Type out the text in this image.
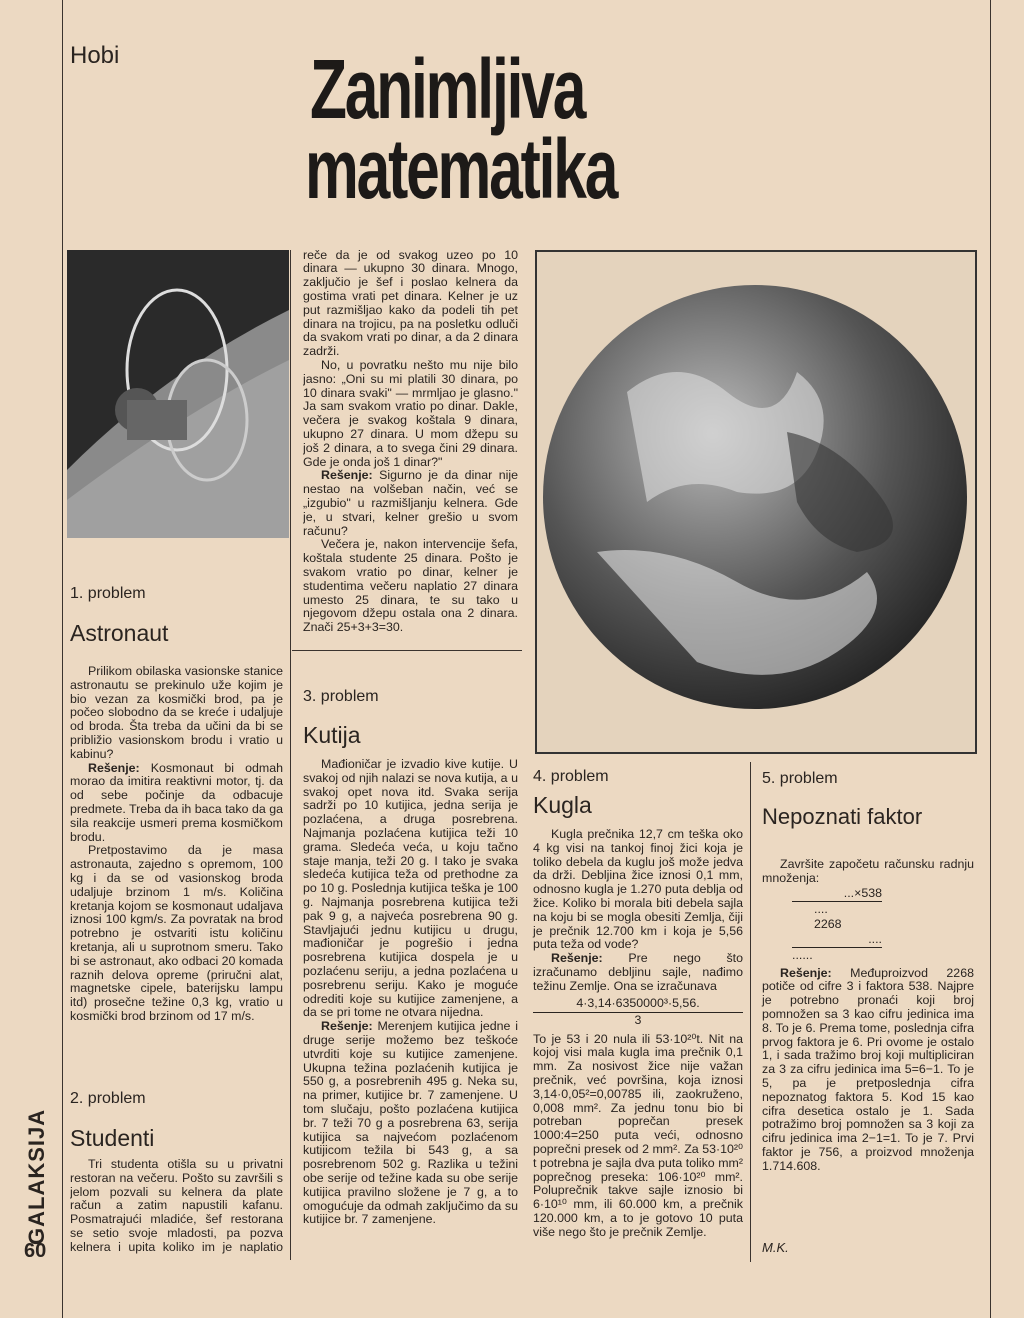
Hobi Zanimljiva
matematika
GALAKSIJA
60
1. problem
Astronaut

Prilikom obilaska vasionske stanice astronautu se prekinulo uže kojim je bio vezan za kosmički brod, pa je počeo slobodno da se kreće i udaljuje od broda. Šta treba da učini da bi se približio vasionskom brodu i vratio u kabinu?

Rešenje: Kosmonaut bi odmah morao da imitira reaktivni motor, tj. da od sebe počinje da odbacuje predmete. Treba da ih baca tako da ga sila reakcije usmeri prema kosmičkom brodu.

Pretpostavimo da je masa astronauta, zajedno s opremom, 100 kg i da se od vasionskog broda udaljuje brzinom 1 m/s. Količina kretanja kojom se kosmonaut udaljava iznosi 100 kgm/s. Za povratak na brod potrebno je ostvariti istu količinu kretanja, ali u suprotnom smeru. Tako bi se astronaut, ako odbaci 20 komada raznih delova opreme (priručni alat, magnetske cipele, baterijsku lampu itd) prosečne težine 0,3 kg, vratio u kosmički brod brzinom od 17 m/s.

2. problem
Studenti

Tri studenta otišla su u privatni restoran na večeru. Pošto su završili s jelom pozvali su kelnera da plate račun a zatim napustili kafanu. Posmatrajući mladiće, šef restorana se setio svoje mladosti, pa pozva kelnera i upita koliko im je naplatio

reče da je od svakog uzeo po 10 dinara — ukupno 30 dinara. Mnogo, zaključio je šef i poslao kelnera da gostima vrati pet dinara. Kelner je uz put razmišljao kako da podeli tih pet dinara na trojicu, pa na posletku odluči da svakom vrati po dinar, a da 2 dinara zadrži.

No, u povratku nešto mu nije bilo jasno: „Oni su mi platili 30 dinara, po 10 dinara svaki" — mrmljao je glasno." Ja sam svakom vratio po dinar. Dakle, večera je svakog koštala 9 dinara, ukupno 27 dinara. U mom džepu su još 2 dinara, a to svega čini 29 dinara. Gde je onda još 1 dinar?"

Rešenje: Sigurno je da dinar nije nestao na volšeban način, već se „izgubio" u razmišljanju kelnera. Gde je, u stvari, kelner grešio u svom računu?

Večera je, nakon intervencije šefa, koštala studente 25 dinara. Pošto je svakom vratio po dinar, kelner je studentima večeru naplatio 27 dinara umesto 25 dinara, te su tako u njegovom džepu ostala ona 2 dinara. Znači 25+3+3=30.

3. problem
Kutija

Mađioničar je izvadio kive kutije. U svakoj od njih nalazi se nova kutija, a u svakoj opet nova itd. Svaka serija sadrži po 10 kutijica, jedna serija je pozlaćena, a druga posrebrena. Najmanja pozlaćena kutijica teži 10 grama. Sledeća veća, u koju tačno staje manja, teži 20 g. I tako je svaka sledeća kutijica teža od prethodne za po 10 g. Poslednja kutijica teška je 100 g. Najmanja posrebrena kutijica teži pak 9 g, a najveća posrebrena 90 g. Stavljajući jednu kutijicu u drugu, mađioničar je pogrešio i jedna posrebrena kutijica dospela je u pozlaćenu seriju, a jedna pozlaćena u posrebrenu seriju. Kako je moguće odrediti koje su kutijice zamenjene, a da se pri tome ne otvara nijedna.

Rešenje: Merenjem kutijica jedne i druge serije možemo bez teškoće utvrditi koje su kutijice zamenjene. Ukupna težina pozlaćenih kutijica je 550 g, a posrebrenih 495 g. Neka su, na primer, kutijice br. 7 zamenjene. U tom slučaju, pošto pozlaćena kutijica br. 7 teži 70 g a posrebrena 63, serija kutijica sa najvećom pozlaćenom kutijicom težila bi 543 g, a sa posrebrenom 502 g. Razlika u težini obe serije od težine kada su obe serije kutijica pravilno složene je 7 g, a to omogućuje da odmah zaključimo da su kutijice br. 7 zamenjene.

4. problem
Kugla

Kugla prečnika 12,7 cm teška oko 4 kg visi na tankoj finoj žici koja je toliko debela da kuglu još može jedva da drži. Debljina žice iznosi 0,1 mm, odnosno kugla je 1.270 puta deblja od žice. Koliko bi morala biti debela sajla na koju bi se mogla obesiti Zemlja, čiji je prečnik 12.700 km i koja je 5,56 puta teža od vode?

Rešenje: Pre nego što izračunamo debljinu sajle, nađimo težinu Zemlje. Ona se izračunava

4·3,14·6350000³·5,56.
3

To je 53 i 20 nula ili 53·10²⁰t. Nit na kojoj visi mala kugla ima prečnik 0,1 mm. Za nosivost žice nije važan prečnik, već površina, koja iznosi 3,14·0,05²=0,00785 ili, zaokruženo, 0,008 mm². Za jednu tonu bio bi potreban poprečan presek 1000:4=250 puta veći, odnosno poprečni presek od 2 mm². Za 53·10²⁰ t potrebna je sajla dva puta toliko mm² poprečnog preseka: 106·10²⁰ mm². Poluprečnik takve sajle iznosio bi 6·10¹⁰ mm, ili 60.000 km, a prečnik 120.000 km, a to je gotovo 10 puta više nego što je prečnik Zemlje.

5. problem
Nepoznati faktor

Završite započetu računsku radnju množenja:

...×538
....
2268
....
......

Rešenje: Međuproizvod 2268 potiče od cifre 3 i faktora 538. Najpre je potrebno pronaći koji broj pomnožen sa 3 kao cifru jedinica ima 8. To je 6. Prema tome, poslednja cifra prvog faktora je 6. Pri ovome je ostalo 1, i sada tražimo broj koji multipliciran za 3 za cifru jedinica ima 5=6−1. To je 5, pa je pretposlednja cifra nepoznatog faktora 5. Kod 15 kao cifra desetica ostalo je 1. Sada potražimo broj pomnožen sa 3 koji za cifru jedinica ima 2−1=1. To je 7. Prvi faktor je 756, a proizvod množenja 1.714.608.

M.K.
